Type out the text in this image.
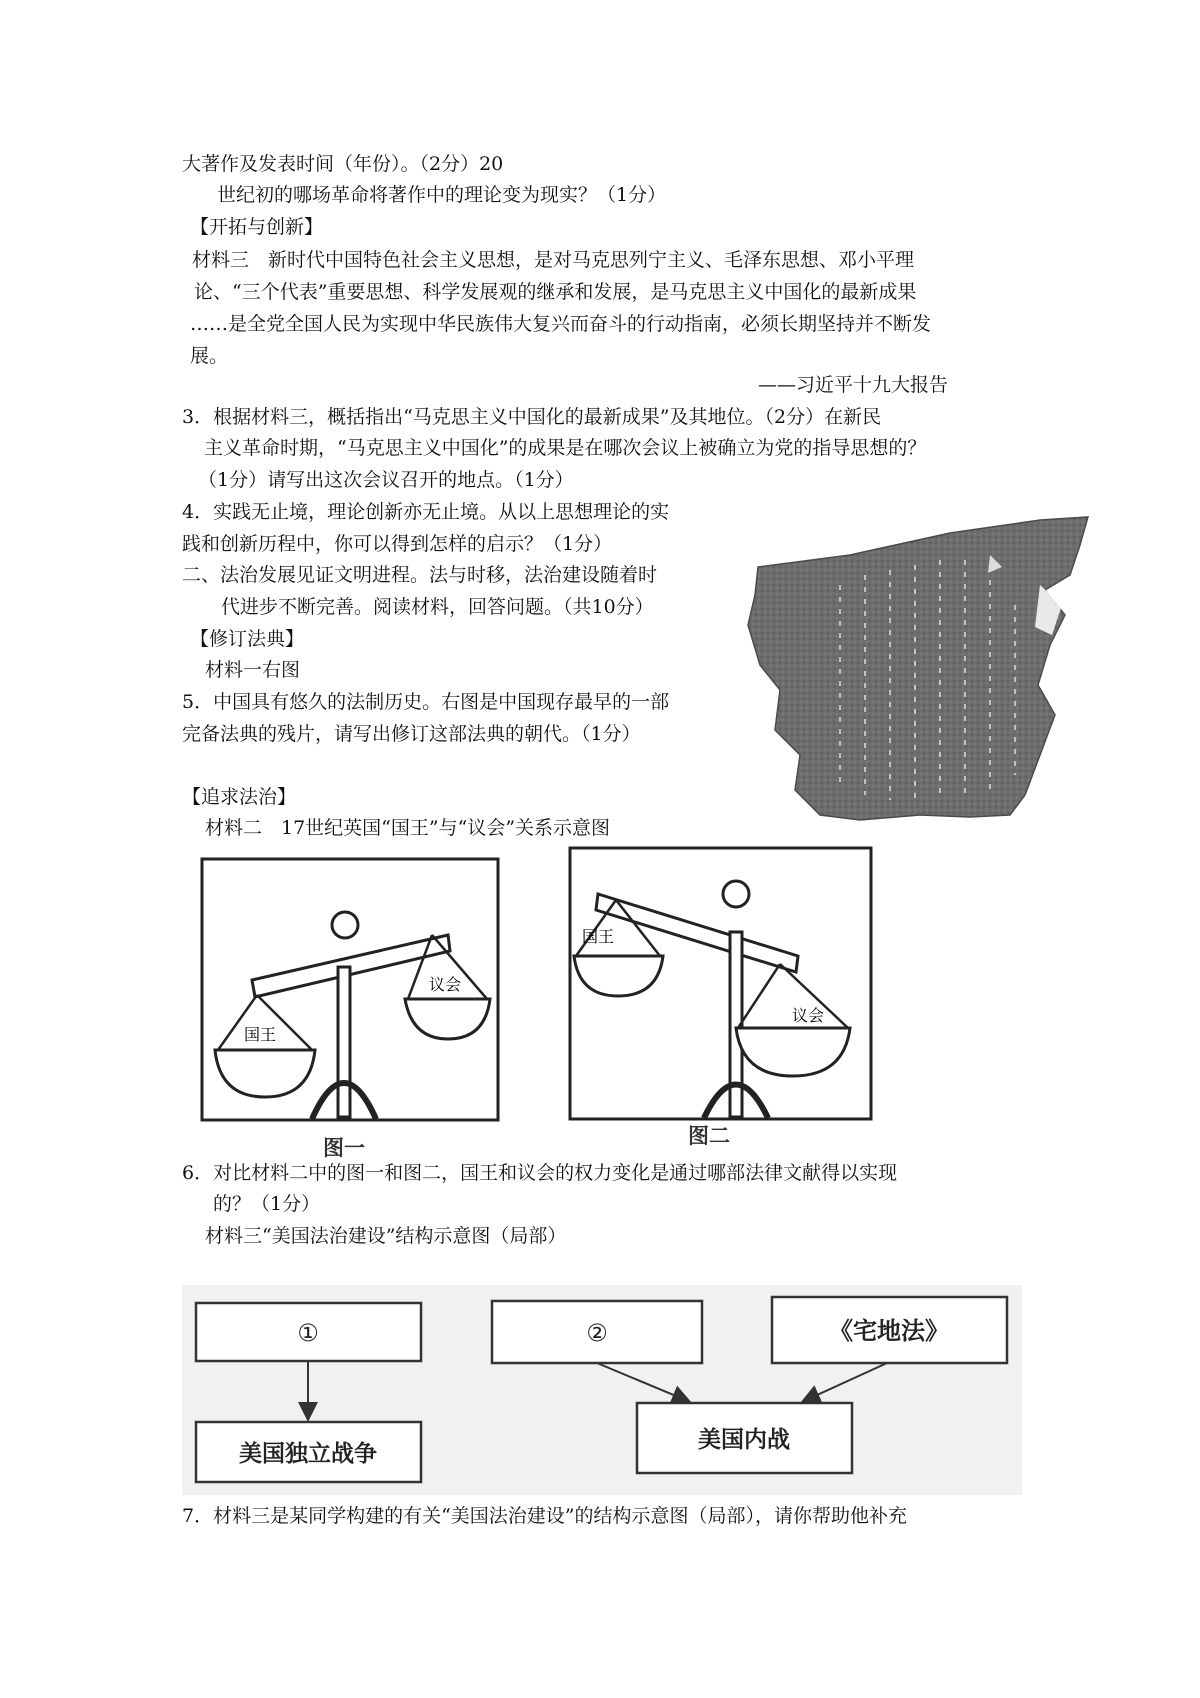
大著作及发表时间（年份）。（2分）20
世纪初的哪场革命将著作中的理论变为现实？（1分）
【开拓与创新】
材料三　新时代中国特色社会主义思想，是对马克思列宁主义、毛泽东思想、邓小平理
论、“三个代表”重要思想、科学发展观的继承和发展，是马克思主义中国化的最新成果
……是全党全国人民为实现中华民族伟大复兴而奋斗的行动指南，必须长期坚持并不断发
展。
——习近平十九大报告
3．根据材料三，概括指出“马克思主义中国化的最新成果”及其地位。（2分）在新民
主义革命时期，“马克思主义中国化”的成果是在哪次会议上被确立为党的指导思想的？
（1分）请写出这次会议召开的地点。（1分）
4．实践无止境，理论创新亦无止境。从以上思想理论的实
践和创新历程中，你可以得到怎样的启示？（1分）
二、法治发展见证文明进程。法与时移，法治建设随着时
代进步不断完善。阅读材料，回答问题。（共10分）
【修订法典】
材料一右图
5．中国具有悠久的法制历史。右图是中国现存最早的一部
完备法典的残片，请写出修订这部法典的朝代。（1分）
【追求法治】
材料二　17世纪英国“国王”与“议会”关系示意图
6．对比材料二中的图一和图二，国王和议会的权力变化是通过哪部法律文献得以实现
的？（1分）
材料三“美国法治建设”结构示意图（局部）
7．材料三是某同学构建的有关“美国法治建设”的结构示意图（局部），请你帮助他补充
国王
议会
图一
国王
议会
图二
①
美国独立战争
②	《宅地法》
美国内战
